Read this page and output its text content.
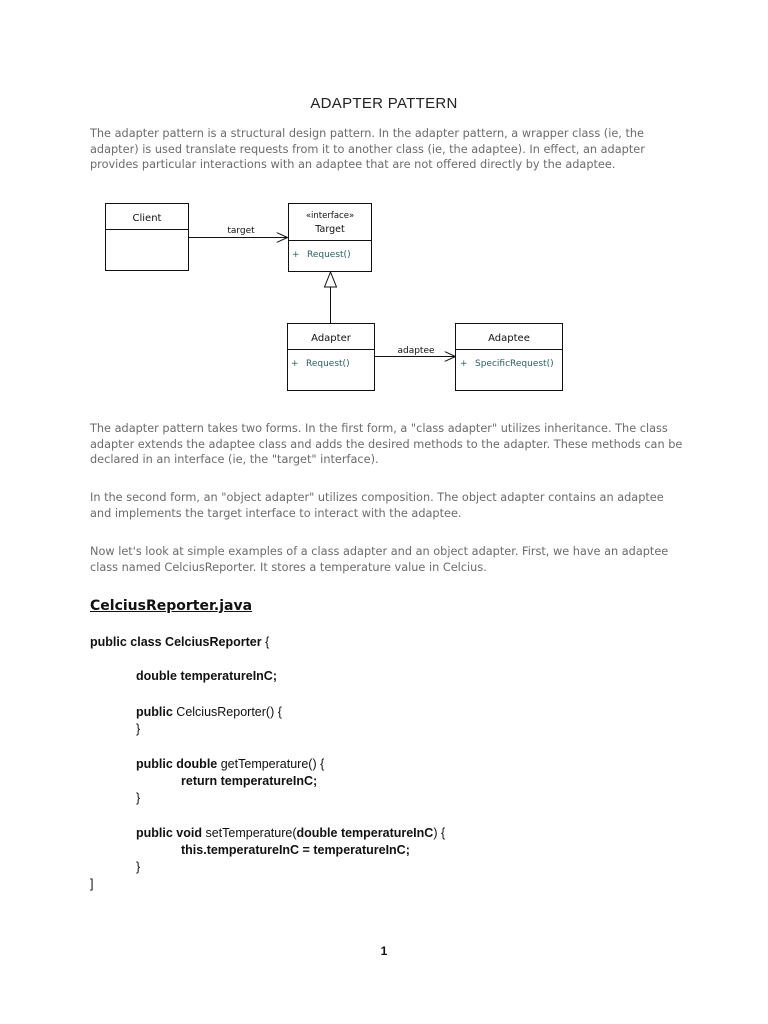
ADAPTER PATTERN
The adapter pattern is a structural design pattern. In the adapter pattern, a wrapper class (ie, the
adapter) is used translate requests from it to another class (ie, the adaptee). In effect, an adapter
provides particular interactions with an adaptee that are not offered directly by the adaptee.
Client	«interface»
Target
+ Request()
target
Adapter
+ Request()
adaptee
Adaptee
+ SpecificRequest()
The adapter pattern takes two forms. In the first form, a "class adapter" utilizes inheritance. The class
adapter extends the adaptee class and adds the desired methods to the adapter. These methods can be
declared in an interface (ie, the "target" interface).
In the second form, an "object adapter" utilizes composition. The object adapter contains an adaptee
and implements the target interface to interact with the adaptee.
Now let's look at simple examples of a class adapter and an object adapter. First, we have an adaptee
class named CelciusReporter. It stores a temperature value in Celcius.
CelciusReporter.java
public class CelciusReporter {
double temperatureInC;
public CelciusReporter() {
}
public double getTemperature() {
return temperatureInC;
}
public void setTemperature(double temperatureInC) {
this.temperatureInC = temperatureInC;
}
]
1
